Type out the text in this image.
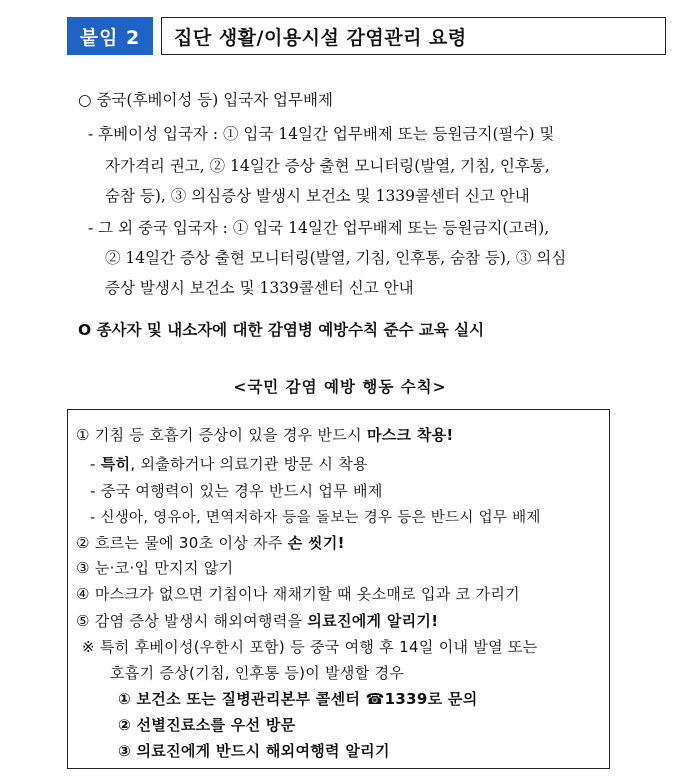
붙임 2	집단 생활/이용시설 감염관리 요령
○ 중국(후베이성 등) 입국자 업무배제
- 후베이성 입국자 : ① 입국 14일간 업무배제 또는 등원금지(필수) 및
자가격리 권고, ② 14일간 증상 출현 모니터링(발열, 기침, 인후통,
숨참 등), ③ 의심증상 발생시 보건소 및 1339콜센터 신고 안내
- 그 외 중국 입국자 : ① 입국 14일간 업무배제 또는 등원금지(고려),
② 14일간 증상 출현 모니터링(발열, 기침, 인후통, 숨참 등), ③ 의심
증상 발생시 보건소 및 1339콜센터 신고 안내
O 종사자 및 내소자에 대한 감염병 예방수칙 준수 교육 실시
<국민 감염 예방 행동 수칙>
① 기침 등 호흡기 증상이 있을 경우 반드시 마스크 착용!
- 특히, 외출하거나 의료기관 방문 시 착용
- 중국 여행력이 있는 경우 반드시 업무 배제
- 신생아, 영유아, 면역저하자 등을 돌보는 경우 등은 반드시 업무 배제
② 흐르는 물에 30초 이상 자주 손 씻기!
③ 눈·코·입 만지지 않기
④ 마스크가 없으면 기침이나 재채기할 때 옷소매로 입과 코 가리기
⑤ 감염 증상 발생시 해외여행력을 의료진에게 알리기!
※ 특히 후베이성(우한시 포함) 등 중국 여행 후 14일 이내 발열 또는
호흡기 증상(기침, 인후통 등)이 발생할 경우
① 보건소 또는 질병관리본부 콜센터 ☎1339로 문의
② 선별진료소를 우선 방문
③ 의료진에게 반드시 해외여행력 알리기
